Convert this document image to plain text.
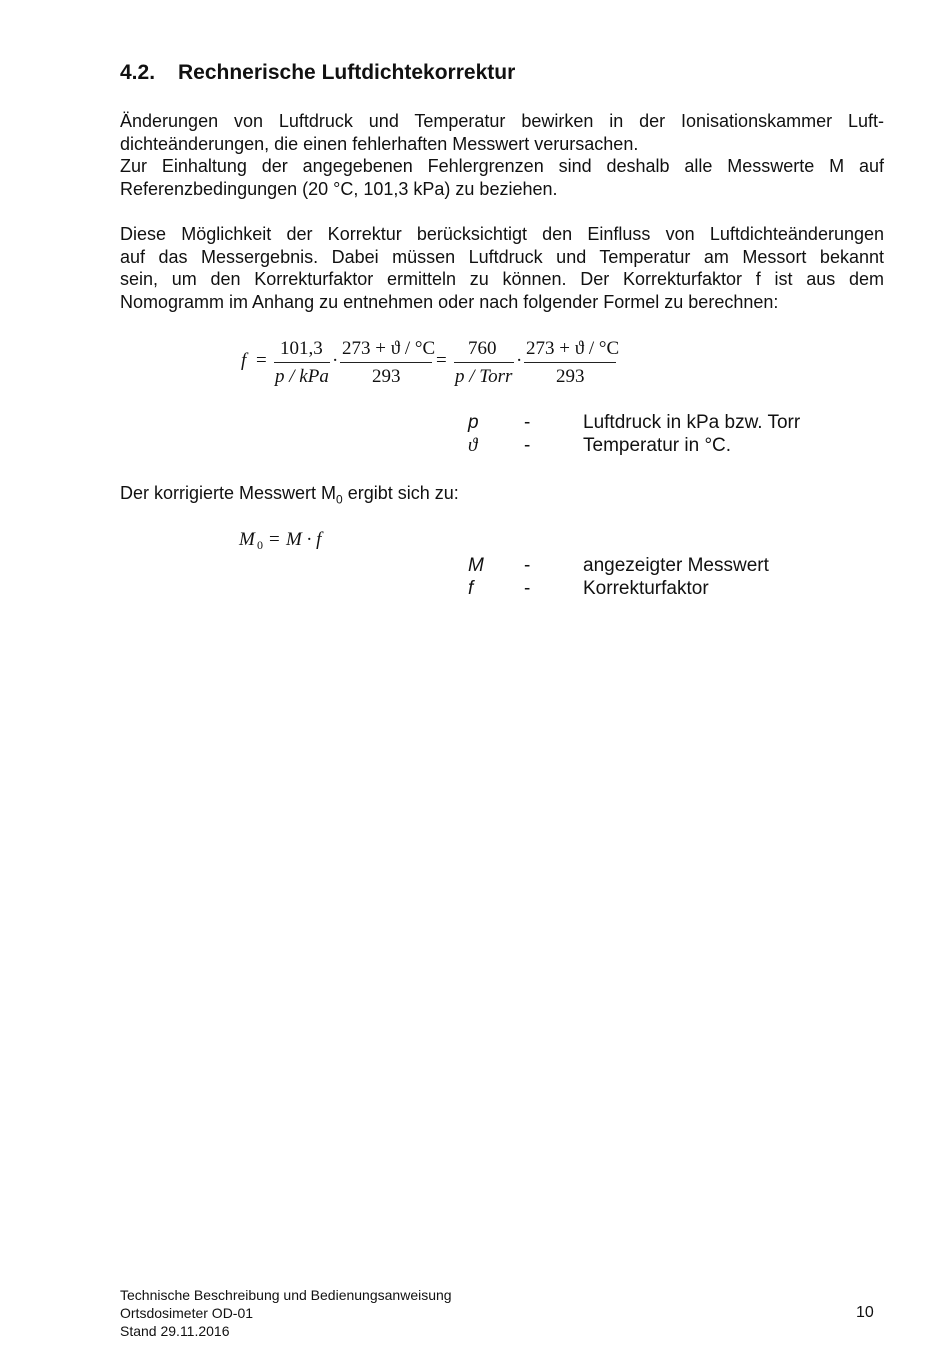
4.2. Rechnerische Luftdichtekorrektur
Änderungen von Luftdruck und Temperatur bewirken in der Ionisationskammer Luft-
dichteänderungen, die einen fehlerhaften Messwert verursachen.
Zur Einhaltung der angegebenen Fehlergrenzen sind deshalb alle Messwerte M auf
Referenzbedingungen (20 °C, 101,3 kPa) zu beziehen.
Diese Möglichkeit der Korrektur berücksichtigt den Einfluss von Luftdichteänderungen
auf das Messergebnis. Dabei müssen Luftdruck und Temperatur am Messort bekannt
sein, um den Korrekturfaktor ermitteln zu können. Der Korrekturfaktor f ist aus dem
Nomogramm im Anhang zu entnehmen oder nach folgender Formel zu berechnen:
f =
101,3
p / kPa
·
273 + ϑ / °C
293
=
760
p / Torr
·
273 + ϑ / °C
293
p -	Luftdruck in kPa bzw. Torr
ϑ -	Temperatur in °C.
Der korrigierte Messwert $M_0$ ergibt sich zu:
M 0 = M · f
M -	angezeigter Messwert
f	-	Korrekturfaktor
Technische Beschreibung und Bedienungsanweisung
Ortsdosimeter OD-01
Stand 29.11.2016
10
